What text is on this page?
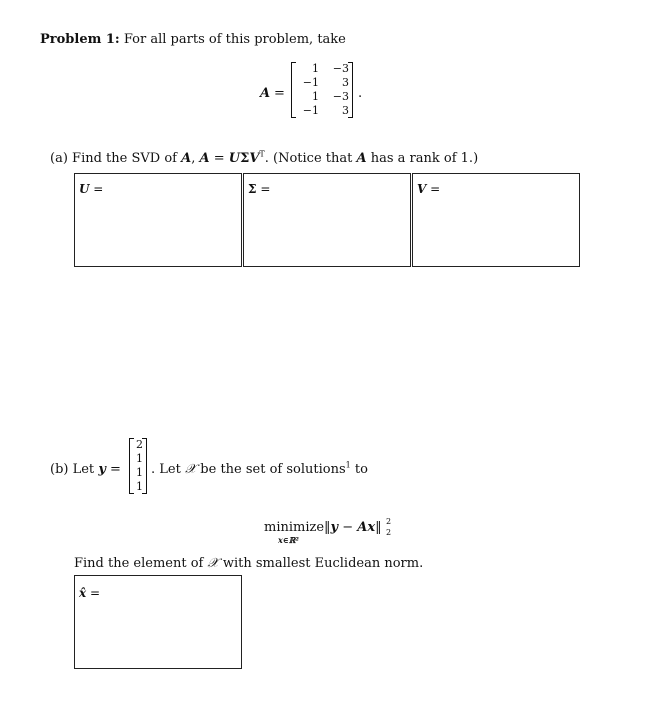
Problem 1: For all parts of this problem, take
A =
1	−3
−1	3
1	−3
−1	3
.
(a) Find the SVD of A, $A = U\Sigma V^T$. (Notice that A has a rank of 1.)
U =	Σ =	V =
(b) Let y =
2
1
1
1
. Let 𝒳 be the set of solutions$^1$ to
minimize
x∈ℝ²
‖y − Ax‖ 2
2
Find the element of 𝒳 with smallest Euclidean norm.
x̂ =
